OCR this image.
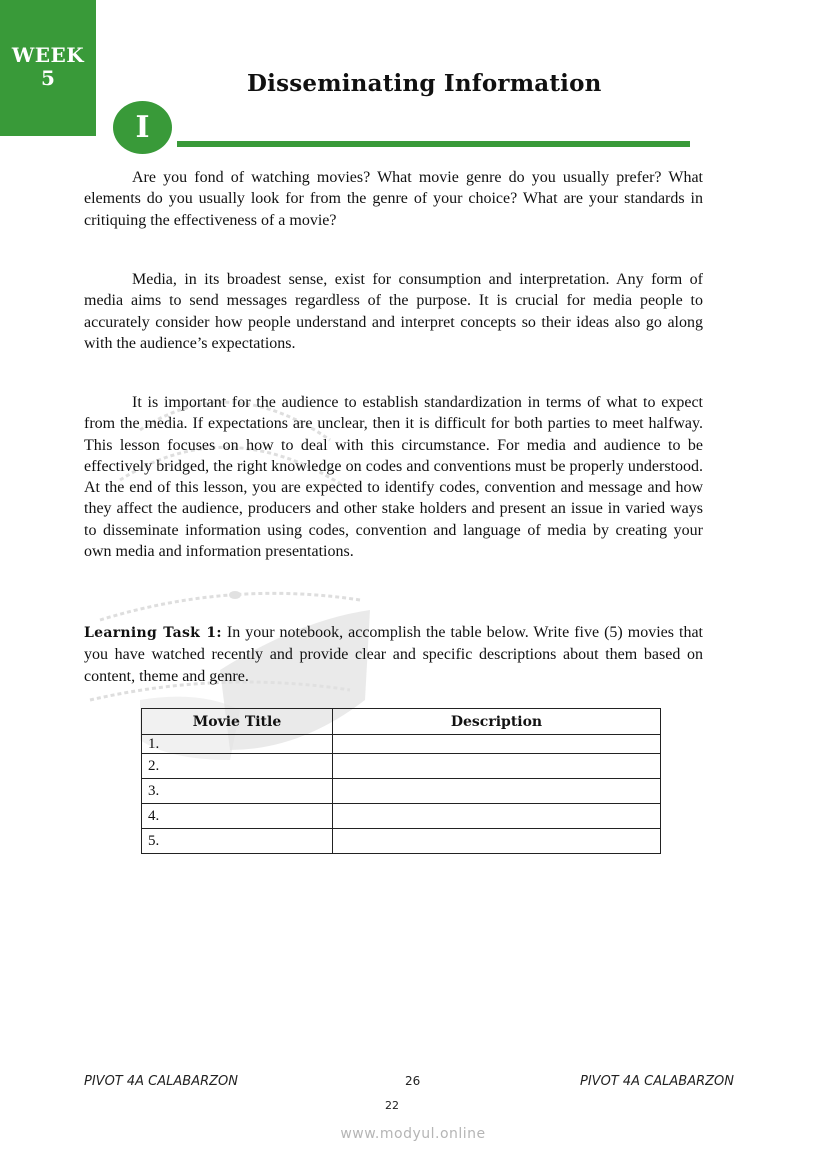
WEEK
5	Disseminating Information
I
Are you fond of watching movies? What movie genre do you usually prefer? What elements do you usually look for from the genre of your choice? What are your standards in critiquing the effectiveness of a movie?
Media, in its broadest sense, exist for consumption and interpretation. Any form of media aims to send messages regardless of the purpose. It is crucial for media people to accurately consider how people understand and interpret concepts so their ideas also go along with the audience’s expectations.
It is important for the audience to establish standardization in terms of what to expect from the media. If expectations are unclear, then it is difficult for both parties to meet halfway. This lesson focuses on how to deal with this circumstance. For media and audience to be effectively bridged, the right knowledge on codes and conventions must be properly understood. At the end of this lesson, you are expected to identify codes, convention and message and how they affect the audience, producers and other stake holders and present an issue in varied ways to disseminate information using codes, convention and language of media by creating your own media and information presentations.
Learning Task 1: In your notebook, accomplish the table below. Write five (5) movies that you have watched recently and provide clear and specific descriptions about them based on content, theme and genre.
Movie Title	Description
1.	
2.	
3.	
4.	
5.	
PIVOT 4A CALABARZON	26	PIVOT 4A CALABARZON
22
www.modyul.online
